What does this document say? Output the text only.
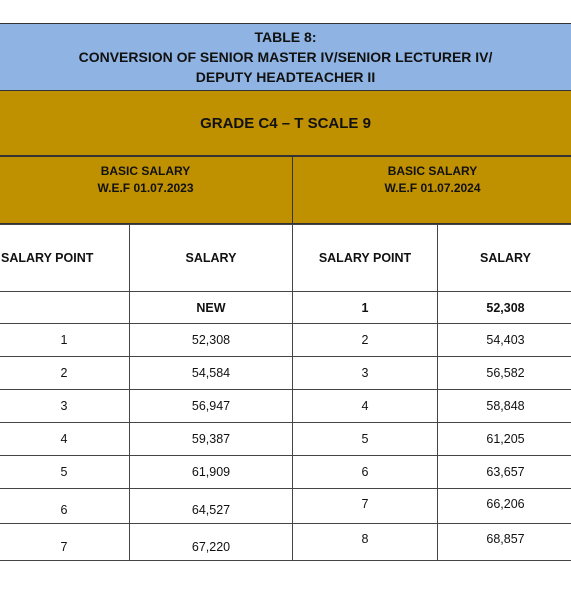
TABLE 8:
CONVERSION OF SENIOR MASTER IV/SENIOR LECTURER IV/
DEPUTY HEADTEACHER II
GRADE C4 – T SCALE 9
BASIC SALARY
W.E.F 01.07.2023
BASIC SALARY
W.E.F 01.07.2024
SALARY POINT	SALARY	SALARY POINT	SALARY
	NEW	1	52,308
1	52,308	2	54,403
2	54,584	3	56,582
3	56,947	4	58,848
4	59,387	5	61,205
5	61,909	6	63,657
6	64,527	7	66,206
7	67,220	8	68,857
